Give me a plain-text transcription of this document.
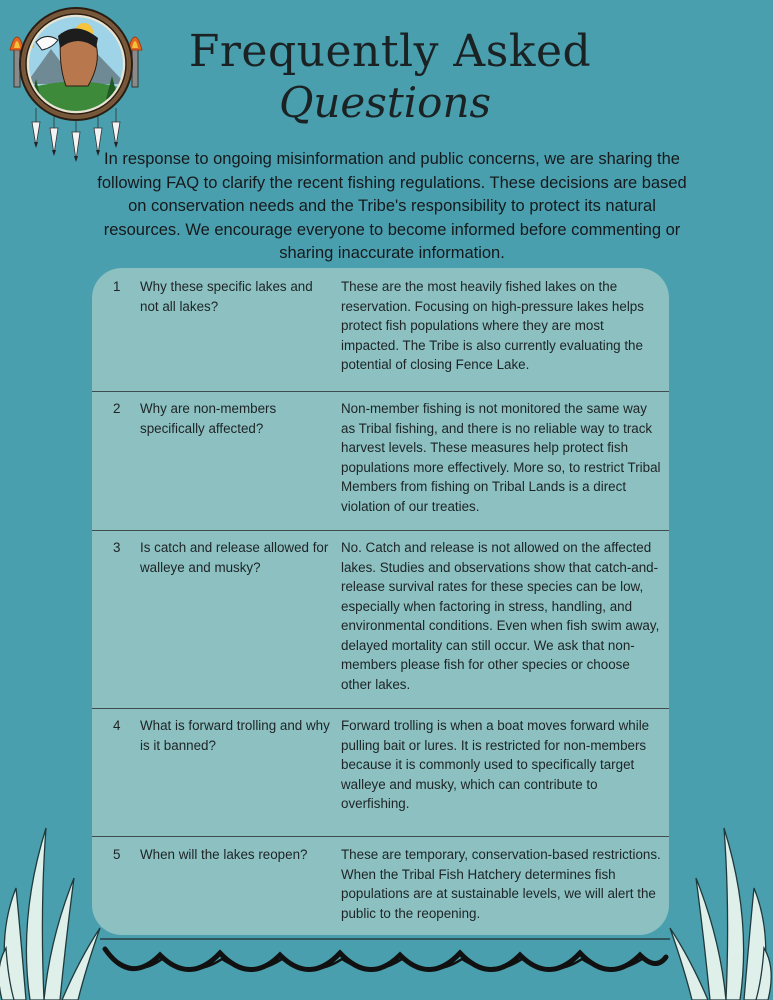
Frequently Asked
Questions
In response to ongoing misinformation and public concerns, we are sharing the following FAQ to clarify the recent fishing regulations. These decisions are based on conservation needs and the Tribe's responsibility to protect its natural resources. We encourage everyone to become informed before commenting or sharing inaccurate information.
1 Why these specific lakes and not all lakes?
These are the most heavily fished lakes on the reservation. Focusing on high-pressure lakes helps protect fish populations where they are most impacted. The Tribe is also currently evaluating the potential of closing Fence Lake.
2 Why are non-members specifically affected?
Non-member fishing is not monitored the same way as Tribal fishing, and there is no reliable way to track harvest levels. These measures help protect fish populations more effectively. More so, to restrict Tribal Members from fishing on Tribal Lands is a direct violation of our treaties.
3 Is catch and release allowed for walleye and musky?
No. Catch and release is not allowed on the affected lakes. Studies and observations show that catch-and-release survival rates for these species can be low, especially when factoring in stress, handling, and environmental conditions. Even when fish swim away, delayed mortality can still occur. We ask that non-members please fish for other species or choose other lakes.
4 What is forward trolling and why is it banned?
Forward trolling is when a boat moves forward while pulling bait or lures. It is restricted for non-members because it is commonly used to specifically target walleye and musky, which can contribute to overfishing.
5 When will the lakes reopen?	These are temporary, conservation-based restrictions. When the Tribal Fish Hatchery determines fish populations are at sustainable levels, we will alert the public to the reopening.
